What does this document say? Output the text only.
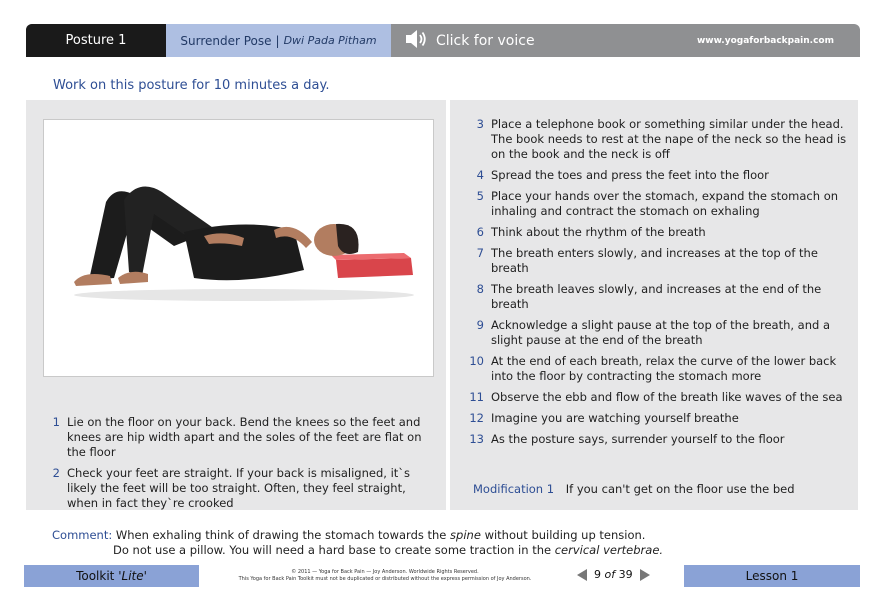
Posture 1	Surrender Pose | Dwi Pada Pitham	Click for voice	www.yogaforbackpain.com
Work on this posture for 10 minutes a day.
1 Lie on the floor on your back. Bend the knees so the feet and knees are hip width apart and the soles of the feet are flat on the floor
2 Check your feet are straight. If your back is misaligned, it`s likely the feet will be too straight. Often, they feel straight, when in fact they`re crooked
3 Place a telephone book or something similar under the head. The book needs to rest at the nape of the neck so the head is on the book and the neck is off
4 Spread the toes and press the feet into the floor
5 Place your hands over the stomach, expand the stomach on inhaling and contract the stomach on exhaling
6 Think about the rhythm of the breath
7 The breath enters slowly, and increases at the top of the breath
8 The breath leaves slowly, and increases at the end of the breath
9 Acknowledge a slight pause at the top of the breath, and a slight pause at the end of the breath
10 At the end of each breath, relax the curve of the lower back into the floor by contracting the stomach more
11 Observe the ebb and flow of the breath like waves of the sea
12 Imagine you are watching yourself breathe
13 As the posture says, surrender yourself to the floor
Modification 1 If you can't get on the floor use the bed
Comment: When exhaling think of drawing the stomach towards the spine without building up tension.
Do not use a pillow. You will need a hard base to create some traction in the cervical vertebrae.
Toolkit
'Lite'	© 2011 — Yoga for Back Pain — Joy Anderson. Worldwide Rights Reserved.
This Yoga for Back Pain Toolkit must not be duplicated or distributed without the express permission of Joy Anderson.	9 of 39	Lesson 1
